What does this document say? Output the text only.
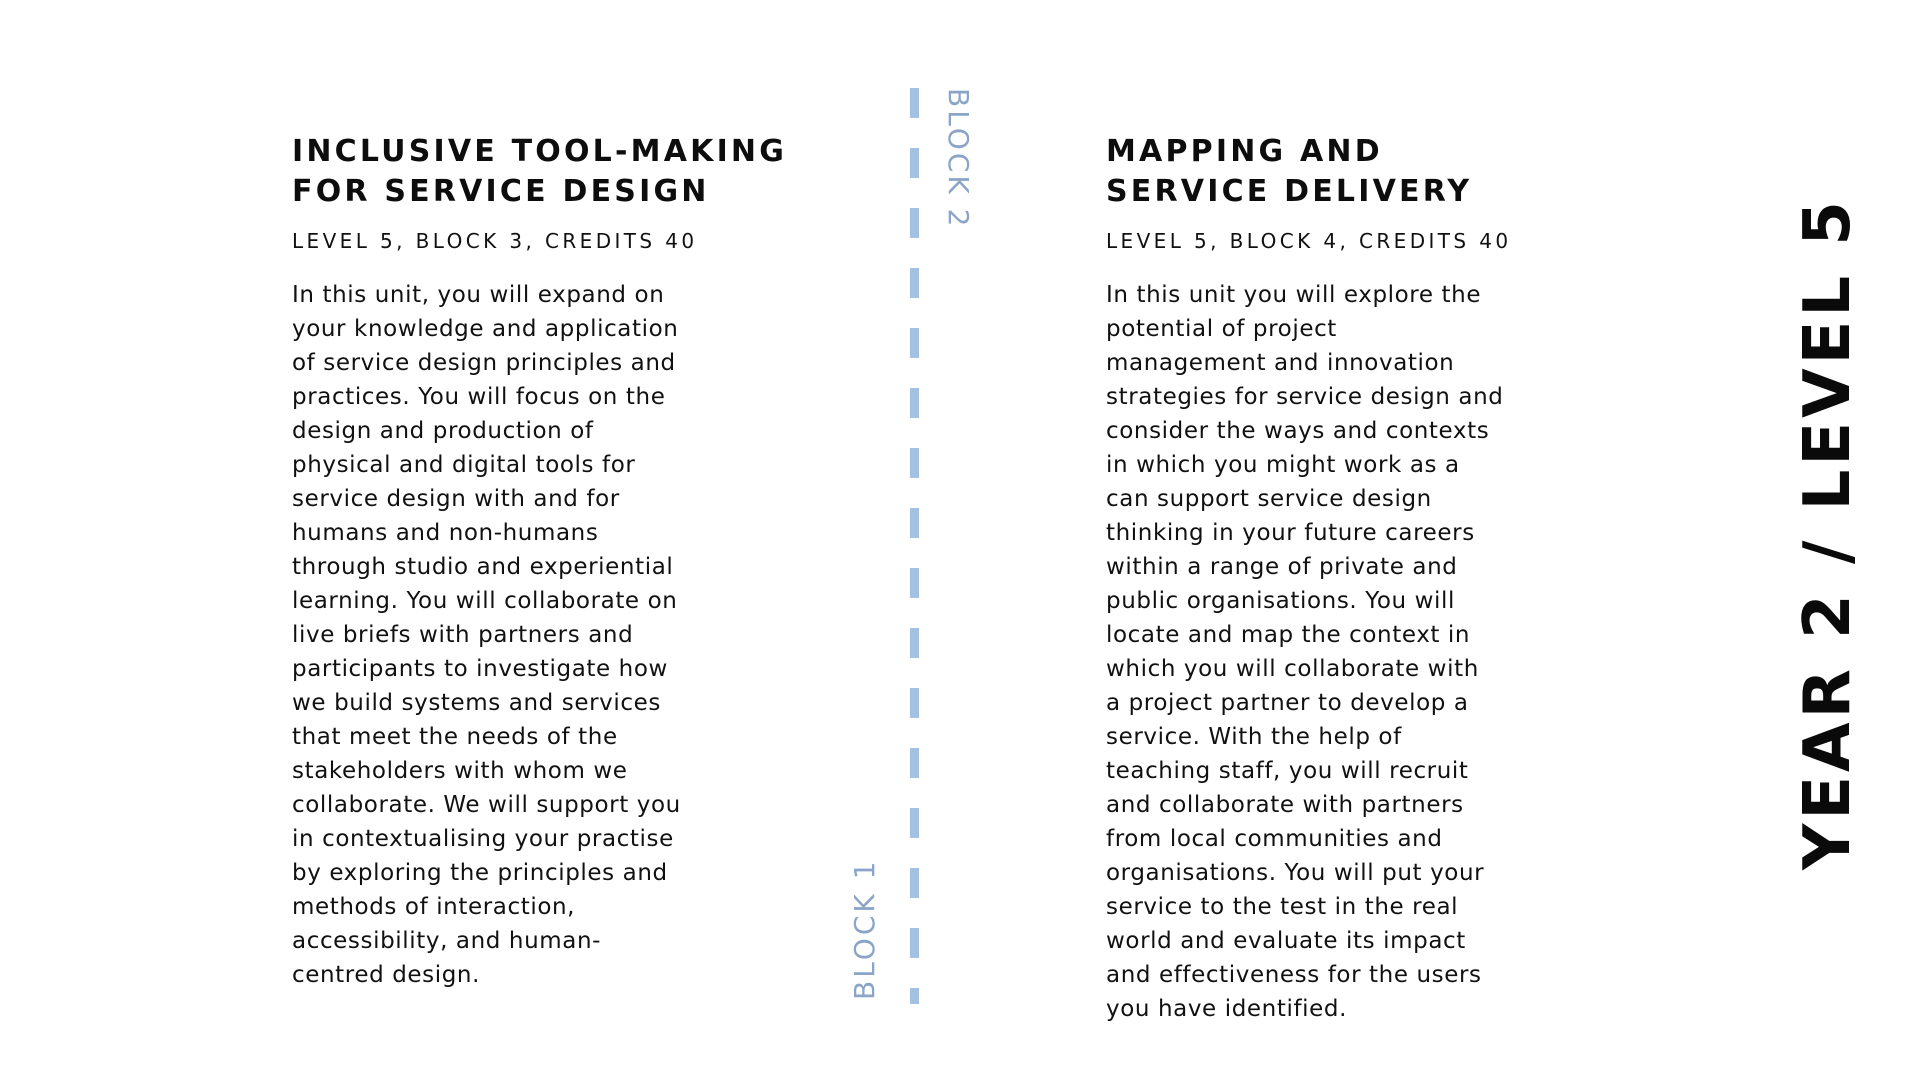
INCLUSIVE TOOL-MAKING
FOR SERVICE DESIGN

LEVEL 5, BLOCK 3, CREDITS 40

In this unit, you will expand on
your knowledge and application
of service design principles and
practices. You will focus on the
design and production of
physical and digital tools for
service design with and for
humans and non-humans
through studio and experiential
learning. You will collaborate on
live briefs with partners and
participants to investigate how
we build systems and services
that meet the needs of the
stakeholders with whom we
collaborate. We will support you
in contextualising your practise
by exploring the principles and
methods of interaction,
accessibility, and human-
centred design.

BLOCK 2
BLOCK 1
MAPPING AND
SERVICE DELIVERY

LEVEL 5, BLOCK 4, CREDITS 40

In this unit you will explore the
potential of project
management and innovation
strategies for service design and
consider the ways and contexts
in which you might work as a
can support service design
thinking in your future careers
within a range of private and
public organisations. You will
locate and map the context in
which you will collaborate with
a project partner to develop a
service. With the help of
teaching staff, you will recruit
and collaborate with partners
from local communities and
organisations. You will put your
service to the test in the real
world and evaluate its impact
and effectiveness for the users
you have identified.

YEAR 2 / LEVEL 5
